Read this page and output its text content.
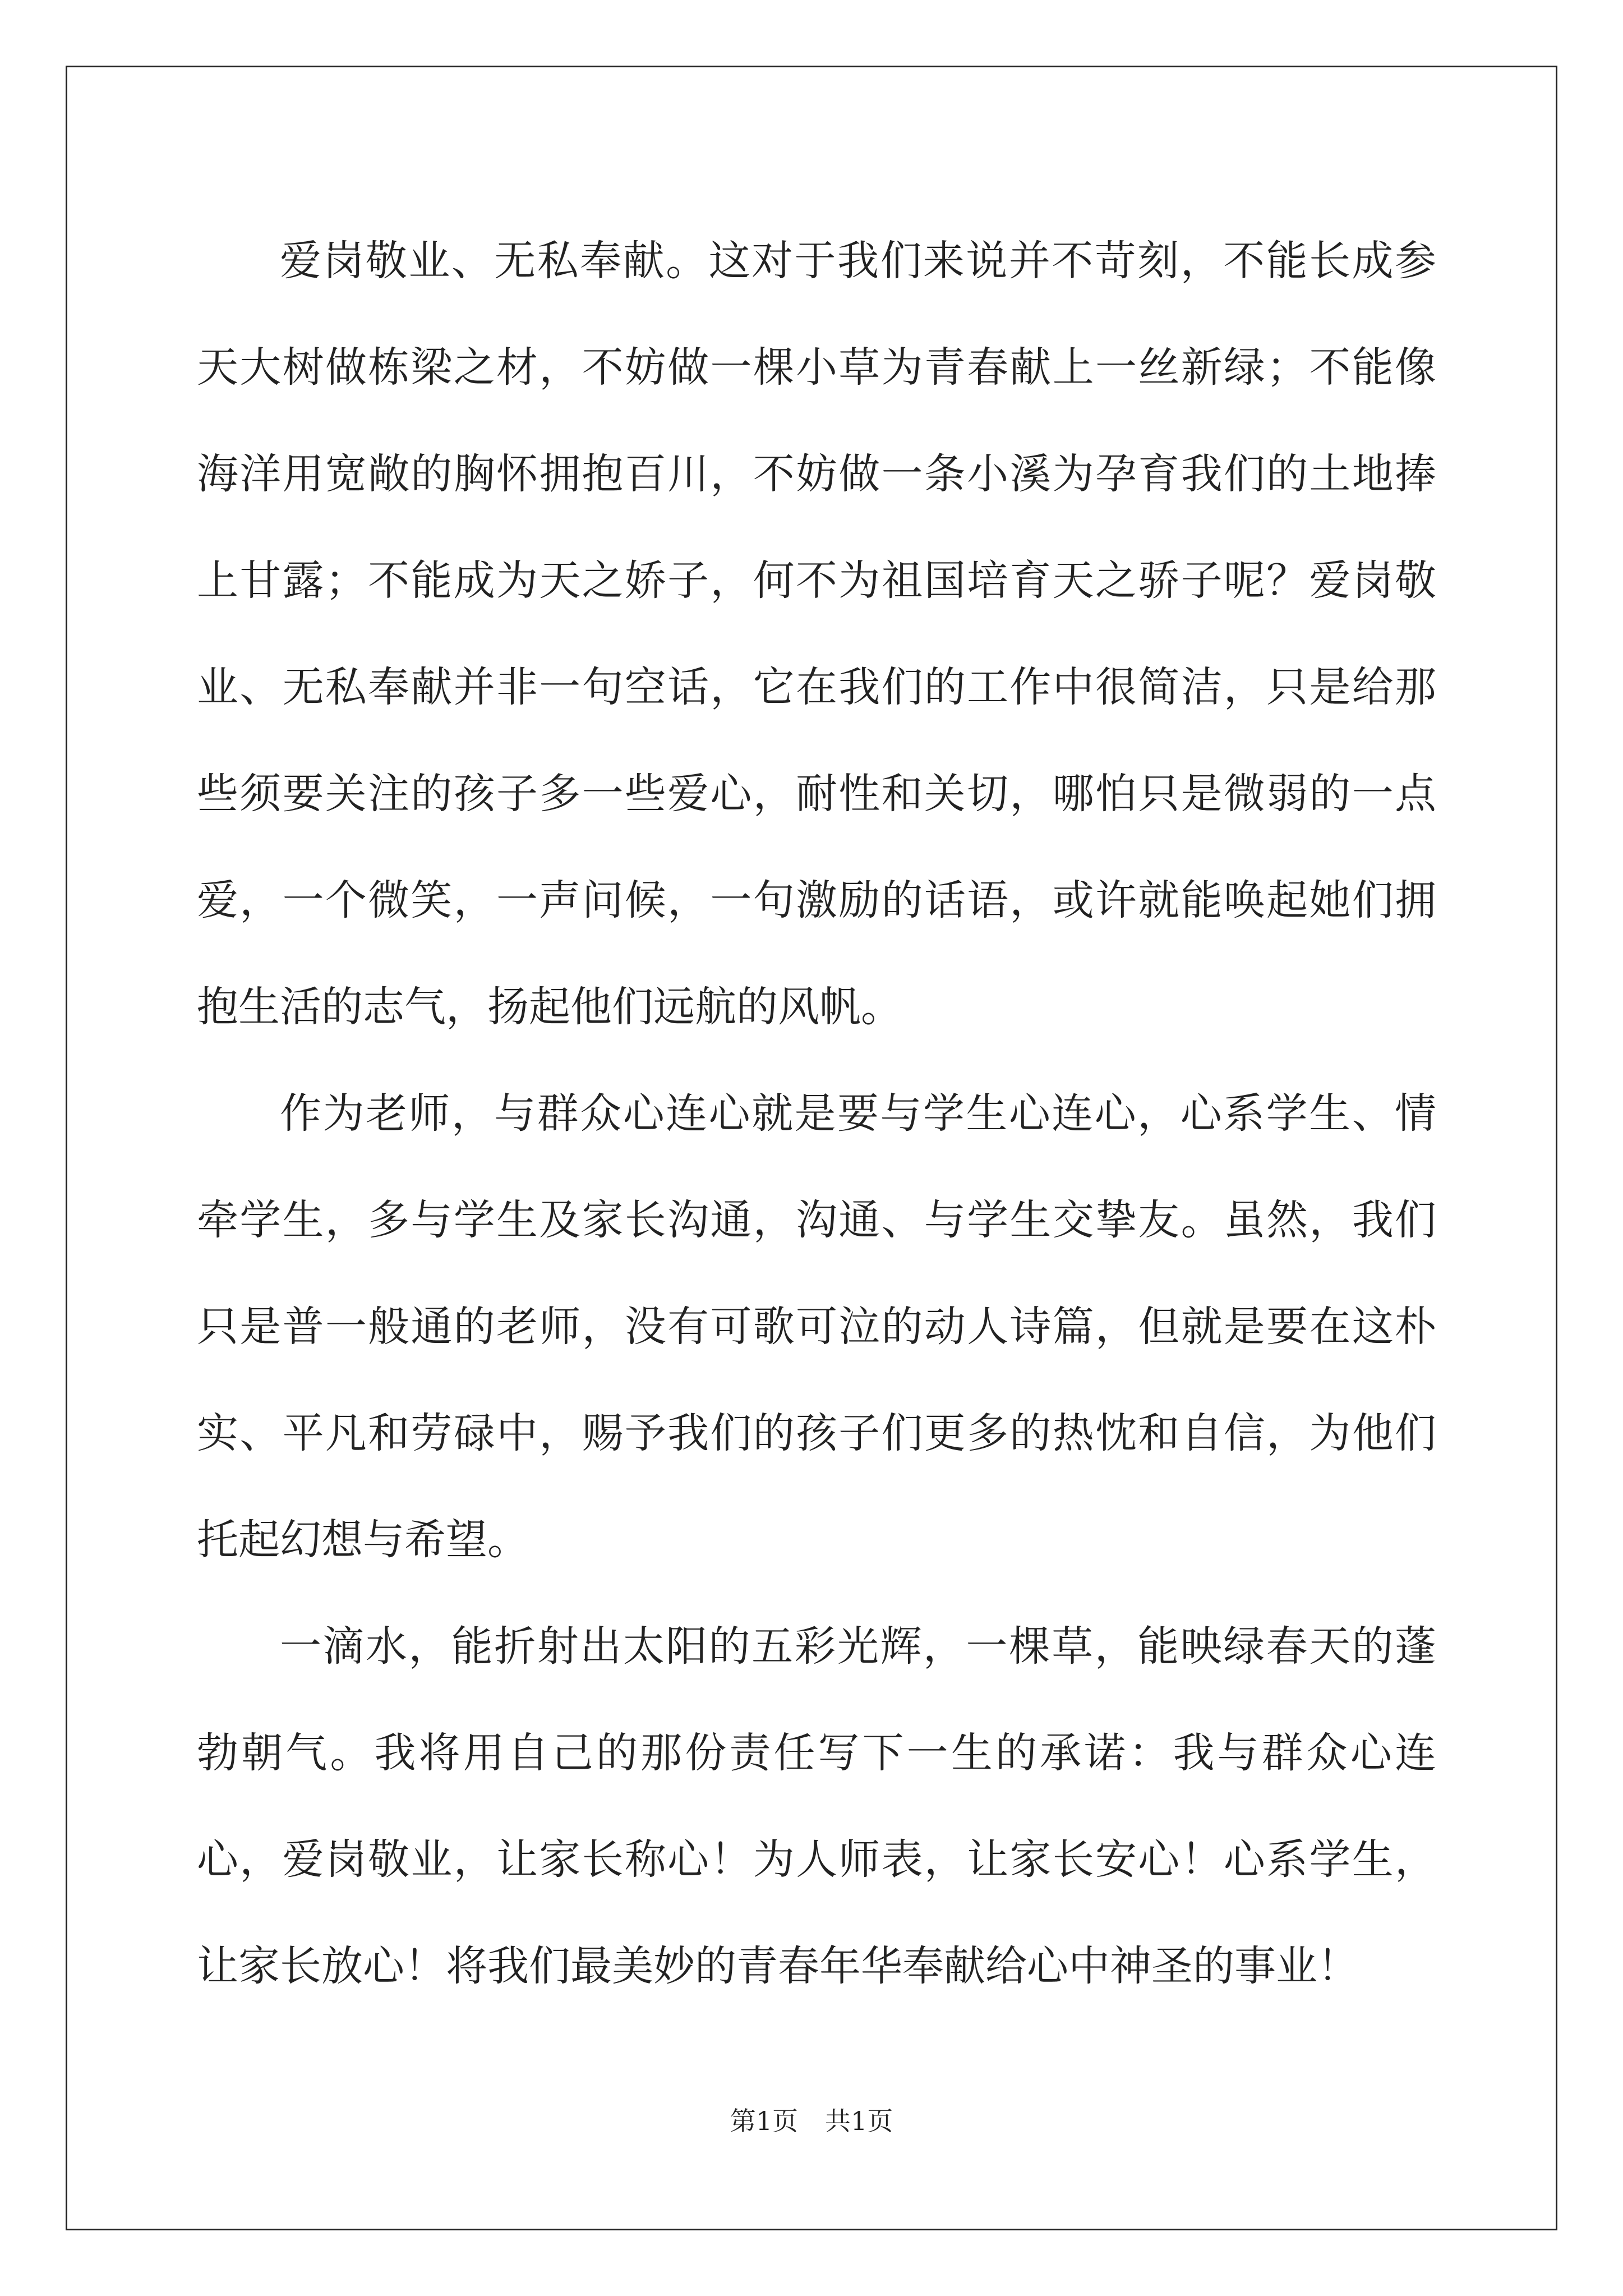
爱岗敬业、无私奉献。这对于我们来说并不苛刻，不能长成参天大树做栋梁之材，不妨做一棵小草为青春献上一丝新绿；不能像海洋用宽敞的胸怀拥抱百川，不妨做一条小溪为孕育我们的土地捧上甘露；不能成为天之娇子，何不为祖国培育天之骄子呢？爱岗敬业、无私奉献并非一句空话，它在我们的工作中很简洁，只是给那些须要关注的孩子多一些爱心，耐性和关切，哪怕只是微弱的一点爱，一个微笑，一声问候，一句激励的话语，或许就能唤起她们拥抱生活的志气，扬起他们远航的风帆。

作为老师，与群众心连心就是要与学生心连心，心系学生、情牵学生，多与学生及家长沟通，沟通、与学生交挚友。虽然，我们只是普一般通的老师，没有可歌可泣的动人诗篇，但就是要在这朴实、平凡和劳碌中，赐予我们的孩子们更多的热忱和自信，为他们托起幻想与希望。

一滴水，能折射出太阳的五彩光辉，一棵草，能映绿春天的蓬勃朝气。我将用自己的那份责任写下一生的承诺：我与群众心连心，爱岗敬业，让家长称心！为人师表，让家长安心！心系学生，让家长放心！将我们最美妙的青春年华奉献给心中神圣的事业！

第1页 共1页
